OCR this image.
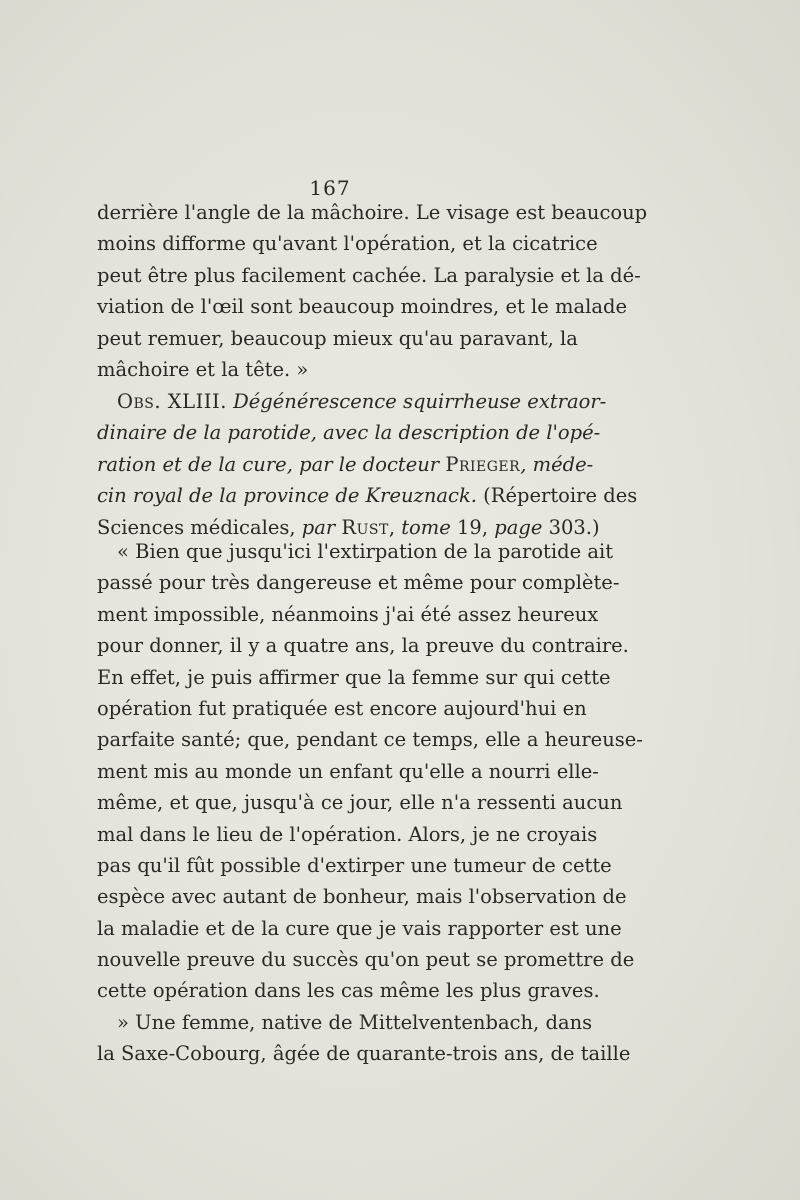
167
derrière l'angle de la mâchoire. Le visage est beaucoup
moins difforme qu'avant l'opération, et la cicatrice
peut être plus facilement cachée. La paralysie et la dé-
viation de l'œil sont beaucoup moindres, et le malade
peut remuer, beaucoup mieux qu'au paravant, la
mâchoire et la tête. »
Obs. XLIII. Dégénérescence squirrheuse extraor-
dinaire de la parotide, avec la description de l'opé-
ration et de la cure, par le docteur Prieger, méde-
cin royal de la province de Kreuznack. (Répertoire des
Sciences médicales, par Rust, tome 19, page 303.)
« Bien que jusqu'ici l'extirpation de la parotide ait
passé pour très dangereuse et même pour complète-
ment impossible, néanmoins j'ai été assez heureux
pour donner, il y a quatre ans, la preuve du contraire.
En effet, je puis affirmer que la femme sur qui cette
opération fut pratiquée est encore aujourd'hui en
parfaite santé; que, pendant ce temps, elle a heureuse-
ment mis au monde un enfant qu'elle a nourri elle-
même, et que, jusqu'à ce jour, elle n'a ressenti aucun
mal dans le lieu de l'opération. Alors, je ne croyais
pas qu'il fût possible d'extirper une tumeur de cette
espèce avec autant de bonheur, mais l'observation de
la maladie et de la cure que je vais rapporter est une
nouvelle preuve du succès qu'on peut se promettre de
cette opération dans les cas même les plus graves.
» Une femme, native de Mittelventenbach, dans
la Saxe-Cobourg, âgée de quarante-trois ans, de taille
